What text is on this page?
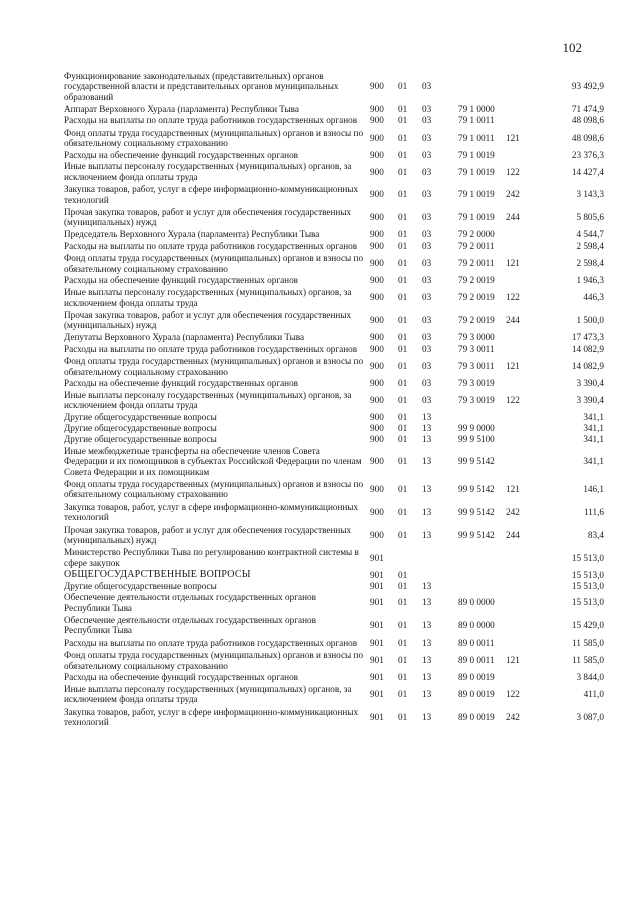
102
Функционирование законодательных (представительных) органов государственной власти и представительных органов муниципальных образований	900	01	03			93 492,9
Аппарат Верховного Хурала (парламента) Республики Тыва	900	01	03	79 1 0000		71 474,9
Расходы на выплаты по оплате труда работников государственных органов	900	01	03	79 1 0011		48 098,6
Фонд оплаты труда государственных (муниципальных) органов и взносы по обязательному социальному страхованию	900	01	03	79 1 0011	121	48 098,6
Расходы на обеспечение функций государственных органов	900	01	03	79 1 0019		23 376,3
Иные выплаты персоналу государственных (муниципальных) органов, за исключением фонда оплаты труда	900	01	03	79 1 0019	122	14 427,4
Закупка товаров, работ, услуг в сфере информационно-коммуникационных технологий	900	01	03	79 1 0019	242	3 143,3
Прочая закупка товаров, работ и услуг для обеспечения государственных (муниципальных) нужд	900	01	03	79 1 0019	244	5 805,6
Председатель Верховного Хурала (парламента) Республики Тыва	900	01	03	79 2 0000		4 544,7
Расходы на выплаты по оплате труда работников государственных органов	900	01	03	79 2 0011		2 598,4
Фонд оплаты труда государственных (муниципальных) органов и взносы по обязательному социальному страхованию	900	01	03	79 2 0011	121	2 598,4
Расходы на обеспечение функций государственных органов	900	01	03	79 2 0019		1 946,3
Иные выплаты персоналу государственных (муниципальных) органов, за исключением фонда оплаты труда	900	01	03	79 2 0019	122	446,3
Прочая закупка товаров, работ и услуг для обеспечения государственных (муниципальных) нужд	900	01	03	79 2 0019	244	1 500,0
Депутаты Верховного Хурала (парламента) Республики Тыва	900	01	03	79 3 0000		17 473,3
Расходы на выплаты по оплате труда работников государственных органов	900	01	03	79 3 0011		14 082,9
Фонд оплаты труда государственных (муниципальных) органов и взносы по обязательному социальному страхованию	900	01	03	79 3 0011	121	14 082,9
Расходы на обеспечение функций государственных органов	900	01	03	79 3 0019		3 390,4
Иные выплаты персоналу государственных (муниципальных) органов, за исключением фонда оплаты труда	900	01	03	79 3 0019	122	3 390,4
Другие общегосударственные вопросы	900	01	13			341,1
Другие общегосударственные вопросы	900	01	13	99 9 0000		341,1
Другие общегосударственные вопросы	900	01	13	99 9 5100		341,1
Иные межбюджетные трансферты на обеспечение членов Совета Федерации и их помощников в субъектах Российской Федерации по членам Совета Федерации и их помощникам	900	01	13	99 9 5142		341,1
Фонд оплаты труда государственных (муниципальных) органов и взносы по обязательному социальному страхованию	900	01	13	99 9 5142	121	146,1
Закупка товаров, работ, услуг в сфере информационно-коммуникационных технологий	900	01	13	99 9 5142	242	111,6
Прочая закупка товаров, работ и услуг для обеспечения государственных (муниципальных) нужд	900	01	13	99 9 5142	244	83,4
Министерство Республики Тыва по регулированию контрактной системы в сфере закупок	901					15 513,0
ОБЩЕГОСУДАРСТВЕННЫЕ ВОПРОСЫ	901	01				15 513,0
Другие общегосударственные вопросы	901	01	13			15 513,0
Обеспечение деятельности отдельных государственных органов Республики Тыва	901	01	13	89 0 0000		15 513,0
Обеспечение деятельности отдельных государственных органов Республики Тыва	901	01	13	89 0 0000		15 429,0
Расходы на выплаты по оплате труда работников государственных органов	901	01	13	89 0 0011		11 585,0
Фонд оплаты труда государственных (муниципальных) органов и взносы по обязательному социальному страхованию	901	01	13	89 0 0011	121	11 585,0
Расходы на обеспечение функций государственных органов	901	01	13	89 0 0019		3 844,0
Иные выплаты персоналу государственных (муниципальных) органов, за исключением фонда оплаты труда	901	01	13	89 0 0019	122	411,0
Закупка товаров, работ, услуг в сфере информационно-коммуникационных технологий	901	01	13	89 0 0019	242	3 087,0
